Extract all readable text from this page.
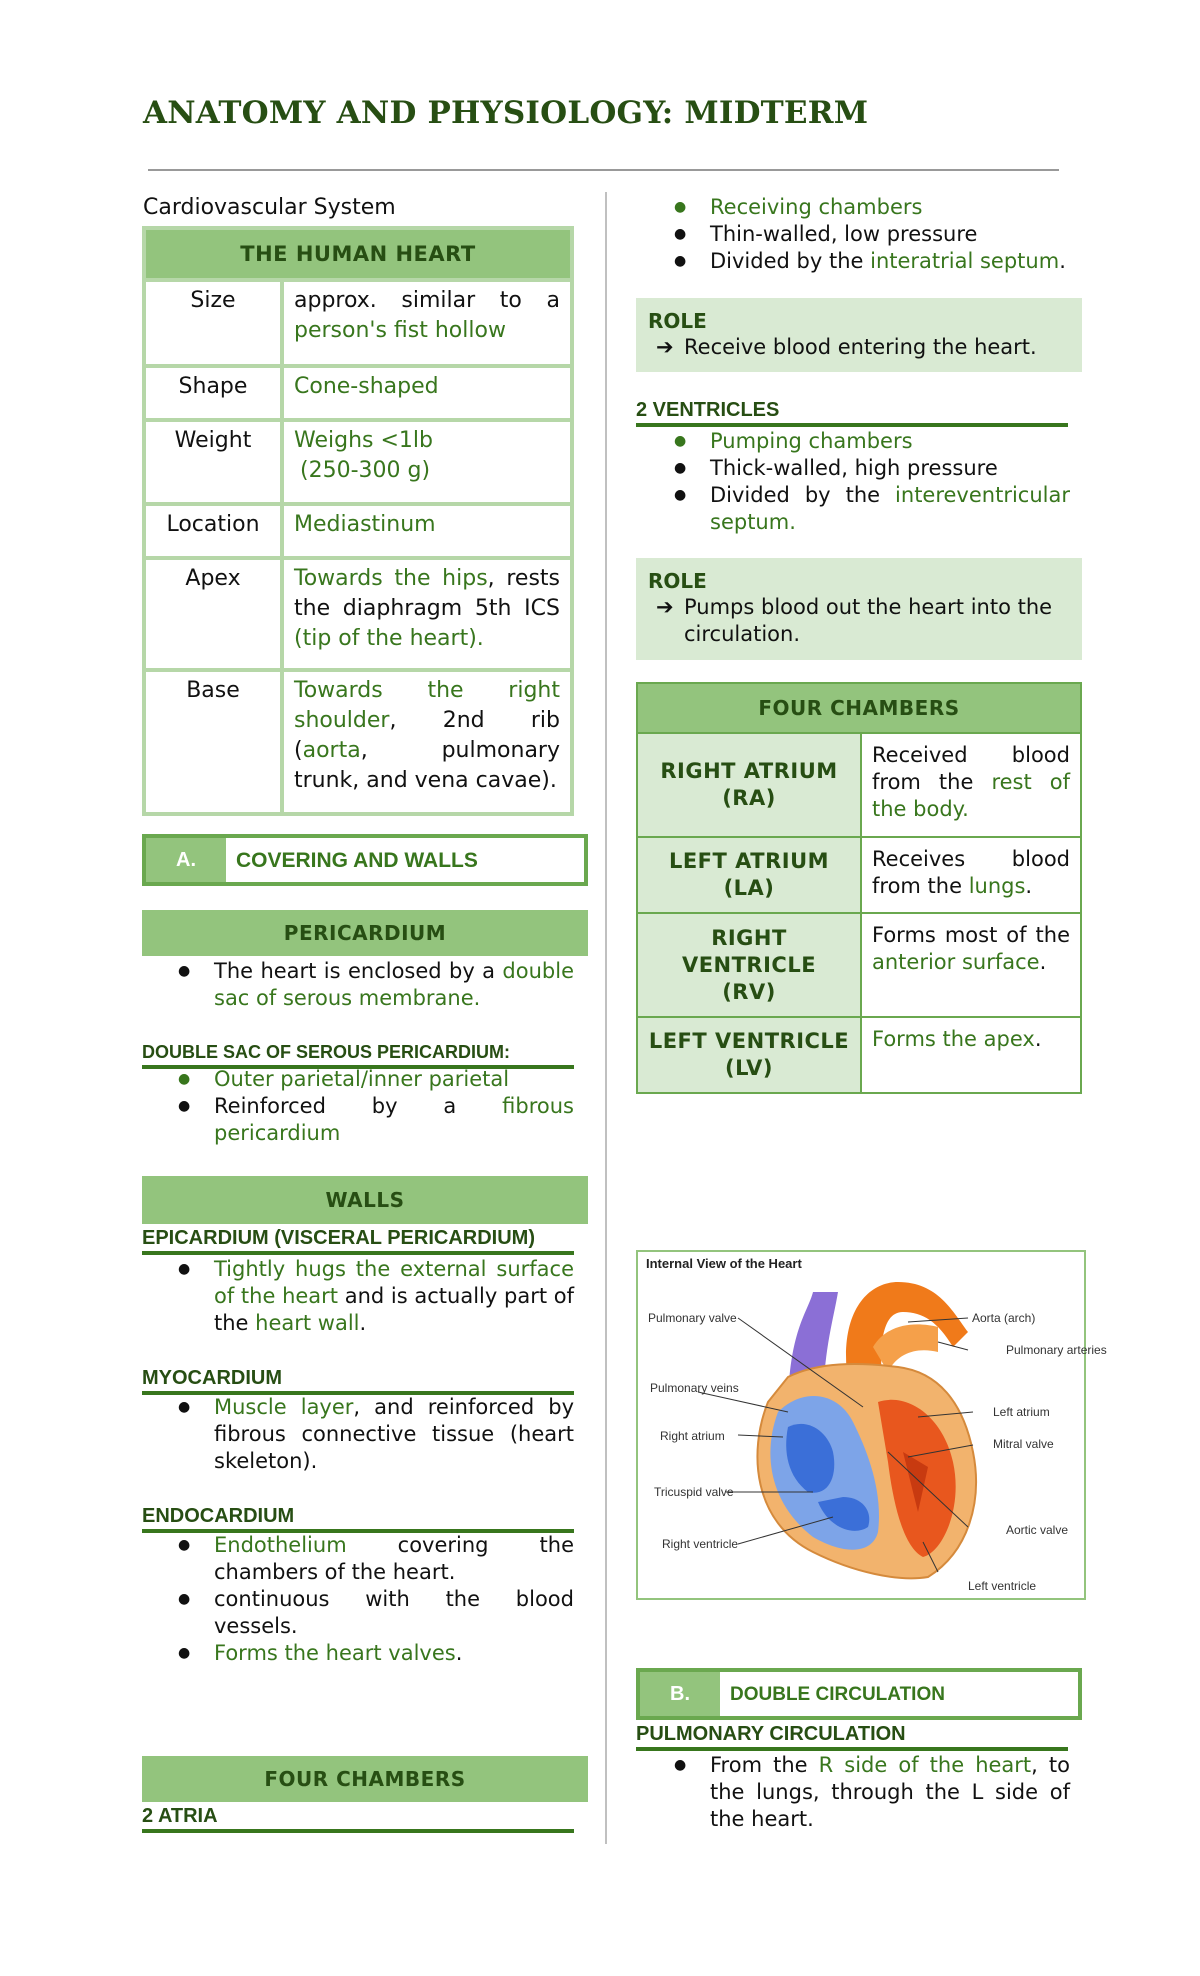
ANATOMY AND PHYSIOLOGY: MIDTERM
Cardiovascular System
THE HUMAN HEART	
Size	approx. similar to a person's fist hollow
Shape	Cone-shaped
Weight	Weighs <1lb
(250-300 g)

Location	Mediastinum
Apex	Towards the hips, rests the diaphragm 5th ICS (tip of the heart).
Base	Towards the right shoulder, 2nd rib (aorta, pulmonary trunk, and vena cavae).
A.	COVERING AND WALLS
PERICARDIUM
● The heart is enclosed by a double sac of serous membrane.
DOUBLE SAC OF SEROUS PERICARDIUM:
● Outer parietal/inner parietal
● Reinforced by a fibrous pericardium
WALLS
EPICARDIUM (VISCERAL PERICARDIUM)
● Tightly hugs the external surface of the heart and is actually part of the heart wall.
MYOCARDIUM
● Muscle layer, and reinforced by fibrous connective tissue (heart skeleton).
ENDOCARDIUM
● Endothelium covering the chambers of the heart.
● continuous with the blood vessels.
● Forms the heart valves.
FOUR CHAMBERS
2 ATRIA
● Receiving chambers
● Thin-walled, low pressure
● Divided by the interatrial septum.
ROLE
➔ Receive blood entering the heart.
2 VENTRICLES
● Pumping chambers
● Thick-walled, high pressure
● Divided by the intereventricular septum.
ROLE
➔ Pumps blood out the heart into the circulation.
FOUR CHAMBERS	

RIGHT ATRIUM
(RA)	Received blood from the rest of the body.

LEFT ATRIUM
(LA)	Receives blood from the lungs.

RIGHT VENTRICLE
(RV)	Forms most of the anterior surface.

LEFT VENTRICLE
(LV)	Forms the apex.
Internal View of the Heart
Pulmonary valve
Pulmonary veins
Right atrium
Tricuspid valve
Right ventricle
Aorta (arch)
Pulmonary arteries
Left atrium
Mitral valve
Aortic valve
Left ventricle
B.	DOUBLE CIRCULATION
PULMONARY CIRCULATION
● From the R side of the heart, to the lungs, through the L side of the heart.
